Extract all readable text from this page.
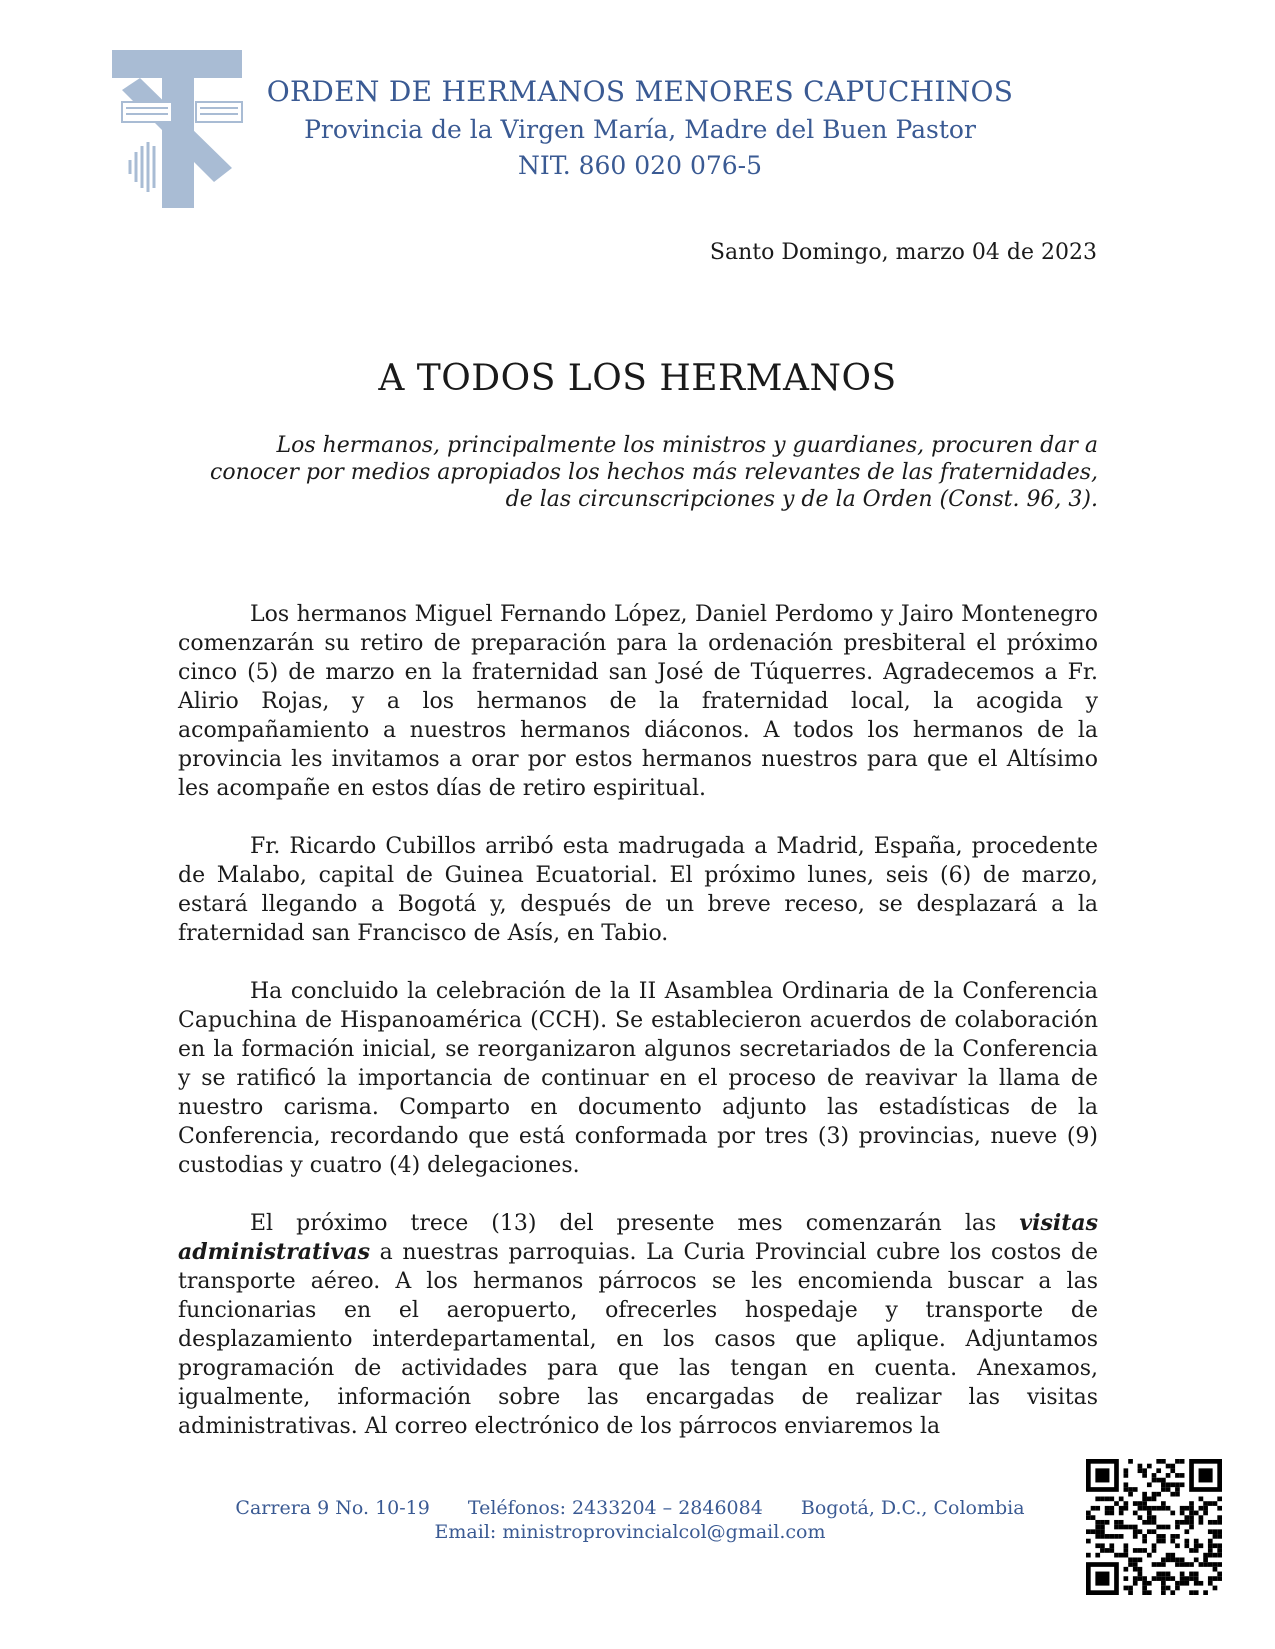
ORDEN DE HERMANOS MENORES CAPUCHINOS
Provincia de la Virgen María, Madre del Buen Pastor
NIT. 860 020 076-5
Santo Domingo, marzo 04 de 2023
A TODOS LOS HERMANOS
Los hermanos, principalmente los ministros y guardianes, procuren dar a
conocer por medios apropiados los hechos más relevantes de las fraternidades,
de las circunscripciones y de la Orden (Const. 96, 3).

Los hermanos Miguel Fernando López, Daniel Perdomo y Jairo Montenegro comenzarán su retiro de preparación para la ordenación presbiteral el próximo cinco (5) de marzo en la fraternidad san José de Túquerres. Agradecemos a Fr. Alirio Rojas, y a los hermanos de la fraternidad local, la acogida y acompañamiento a nuestros hermanos diáconos. A todos los hermanos de la provincia les invitamos a orar por estos hermanos nuestros para que el Altísimo les acompañe en estos días de retiro espiritual.

Fr. Ricardo Cubillos arribó esta madrugada a Madrid, España, procedente de Malabo, capital de Guinea Ecuatorial. El próximo lunes, seis (6) de marzo, estará llegando a Bogotá y, después de un breve receso, se desplazará a la fraternidad san Francisco de Asís, en Tabio.

Ha concluido la celebración de la II Asamblea Ordinaria de la Conferencia Capuchina de Hispanoamérica (CCH). Se establecieron acuerdos de colaboración en la formación inicial, se reorganizaron algunos secretariados de la Conferencia y se ratificó la importancia de continuar en el proceso de reavivar la llama de nuestro carisma. Comparto en documento adjunto las estadísticas de la Conferencia, recordando que está conformada por tres (3) provincias, nueve (9) custodias y cuatro (4) delegaciones.

El próximo trece (13) del presente mes comenzarán las visitas administrativas a nuestras parroquias. La Curia Provincial cubre los costos de transporte aéreo. A los hermanos párrocos se les encomienda buscar a las funcionarias en el aeropuerto, ofrecerles hospedaje y transporte de desplazamiento interdepartamental, en los casos que aplique. Adjuntamos programación de actividades para que las tengan en cuenta. Anexamos, igualmente, información sobre las encargadas de realizar las visitas administrativas. Al correo electrónico de los párrocos enviaremos la

Carrera 9 No. 10-19 Teléfonos: 2433204 – 2846084 Bogotá, D.C., Colombia
Email: ministroprovincialcol@gmail.com
